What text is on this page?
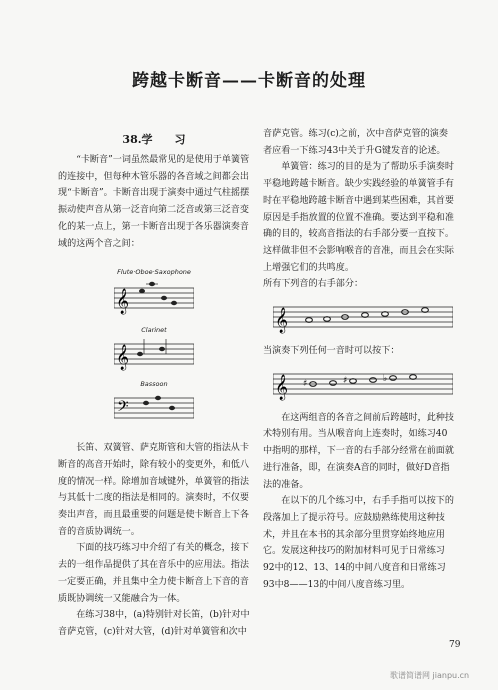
跨越卡断音——卡断音的处理
38.学　　习

“卡断音”一词虽然最常见的是使用于单簧管的连接中，但每种木管乐器的各音域之间都会出现“卡断音”。卡断音出现于演奏中通过气柱摇摆振动使声音从第一泛音向第二泛音或第三泛音变化的某一点上，第一卡断音出现于各乐器演奏音域的这两个音之间：

Flute·Oboe·Saxophone
𝄞
Clarinet
𝄞
Bassoon
𝄢

长笛、双簧管、萨克斯管和大管的指法从卡断音的高音开始时，除有较小的变更外，和低八度的情况一样。除增加音域键外，单簧管的指法与其低十二度的指法是相同的。演奏时，不仅要奏出声音，而且最重要的问题是使卡断音上下各音的音质协调统一。

下面的技巧练习中介绍了有关的概念，接下去的一组作品提供了其在音乐中的应用法。指法一定要正确，并且集中全力使卡断音上下音的音质既协调统一又能融合为一体。

在练习38中，(a)特别针对长笛，(b)针对中音萨克管，(c)针对大管，(d)针对单簧管和次中

音萨克管。练习(c)之前，次中音萨克管的演奏者应看一下练习43中关于升G键发音的论述。

单簧管：练习的目的是为了帮助乐手演奏时平稳地跨越卡断音。缺少实践经验的单簧管手有时在平稳地跨越卡断音中遇到某些困难，其首要原因是手指放置的位置不准确。要达到平稳和准确的目的，较高音指法的右手部分要一直按下。这样做非但不会影响喉音的音准，而且会在实际上增强它们的共鸣度。

所有下列音的右手部分：

𝄞

当演奏下列任何一音时可以按下：

𝄞 ♯	♯	♭

在这两组音的各音之间前后跨越时，此种技术特别有用。当从喉音向上连奏时，如练习40中指明的那样，下一音的右手部分经常在前面就进行准备，即，在演奏A音的同时，做好D音指法的准备。

在以下的几个练习中，右手手指可以按下的段落加上了提示符号。应鼓励熟练使用这种技术，并且在本书的其余部分里贯穿始终地应用它。发展这种技巧的附加材料可见于日常练习92中的12、13、14的中间八度音和日常练习93中8——13的中间八度音练习里。

79
歌谱简谱网 jianpu.cn
